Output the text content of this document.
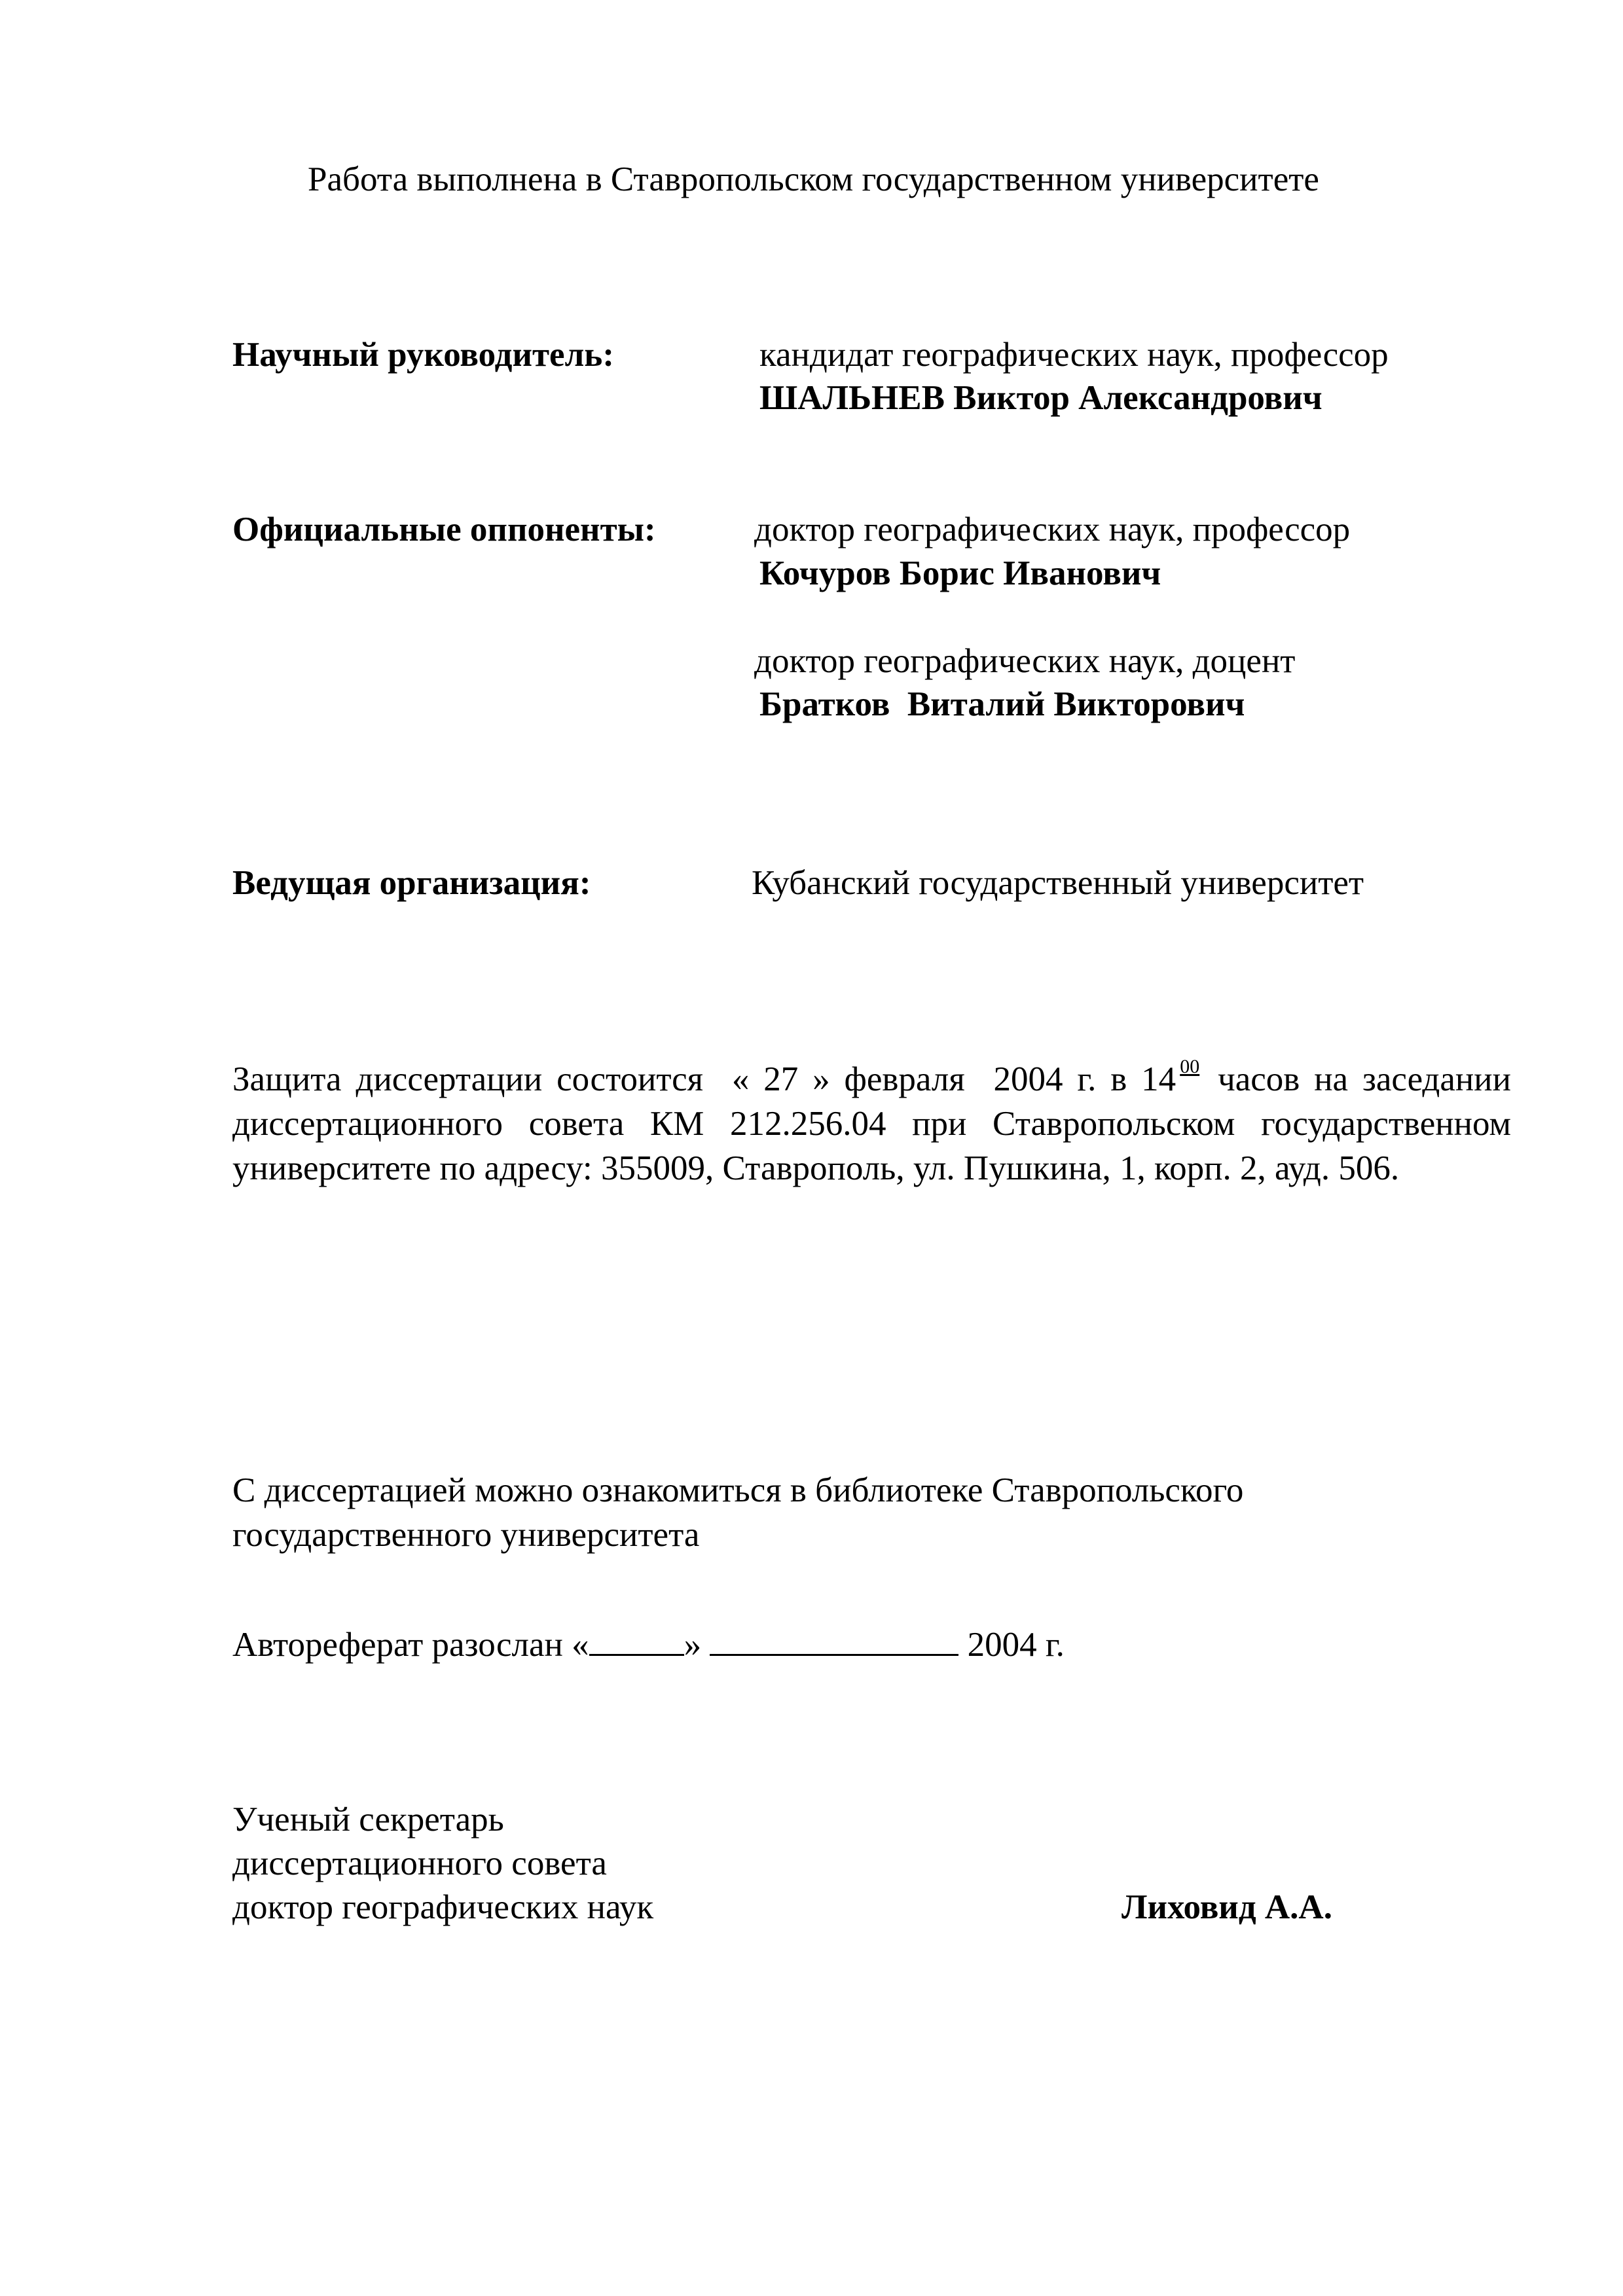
Работа выполнена в Ставропольском государственном университете
Научный руководитель:	кандидат географических наук, профессор
ШАЛЬНЕВ Виктор Александрович
Официальные оппоненты:	доктор географических наук, профессор
Кочуров Борис Иванович
доктор географических наук, доцент
Братков  Виталий Викторович
Ведущая организация:	Кубанский государственный университет
Защита диссертации состоится  « 27 » февраля  2004 г. в 14 $^{00}$ часов на заседании диссертационного совета КМ 212.256.04 при Ставропольском государственном университете по адресу: 355009, Ставрополь, ул. Пушкина, 1, корп. 2, ауд. 506.
С диссертацией можно ознакомиться в библиотеке Ставропольского государственного университета
Автореферат разослан «	»	2004 г.
Ученый секретарь
диссертационного совета
доктор географических наук	Лиховид А.А.
